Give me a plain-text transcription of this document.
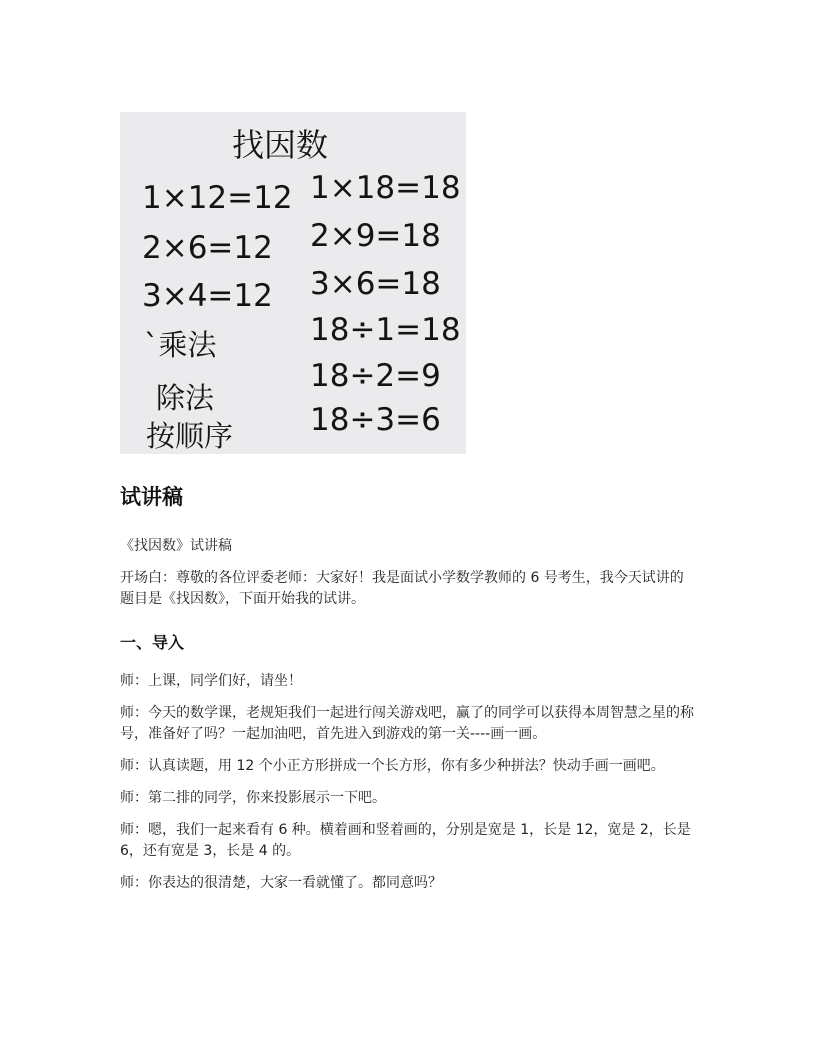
找因数
1×12=12
2×6=12
3×4=12
`乘法
除法
按顺序
1×18=18
2×9=18
3×6=18
18÷1=18
18÷2=9
18÷3=6
试讲稿

《找因数》试讲稿

开场白：尊敬的各位评委老师：大家好！我是面试小学数学教师的 6 号考生，我今天试讲的题目是《找因数》，下面开始我的试讲。

一、导入

师：上课，同学们好，请坐！

师：今天的数学课，老规矩我们一起进行闯关游戏吧，赢了的同学可以获得本周智慧之星的称号，准备好了吗？一起加油吧，首先进入到游戏的第一关----画一画。

师：认真读题，用 12 个小正方形拼成一个长方形，你有多少种拼法？快动手画一画吧。

师：第二排的同学，你来投影展示一下吧。

师：嗯，我们一起来看有 6 种。横着画和竖着画的，分别是宽是 1，长是 12，宽是 2，长是 6，还有宽是 3，长是 4 的。

师：你表达的很清楚，大家一看就懂了。都同意吗？
